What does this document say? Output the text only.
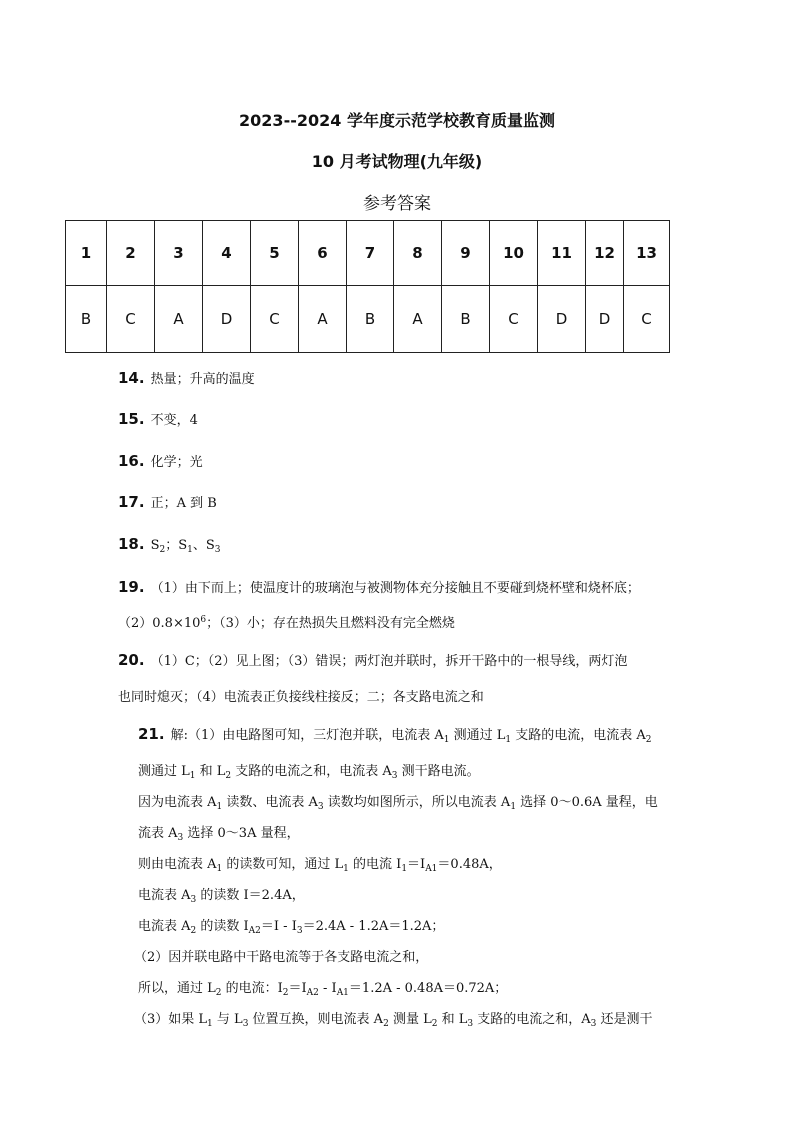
2023--2024 学年度示范学校教育质量监测
10 月考试物理(九年级)
参考答案
1	2	3	4	5	6	7	8	9	10	11	12	13
B	C	A	D	C	A	B	A	B	C	D	D	C
14. 热量；升高的温度
15. 不变，4
16. 化学；光
17. 正；A 到 B
18. $S_2$；$S_1$、$S_3$
19. （1）由下而上；使温度计的玻璃泡与被测物体充分接触且不要碰到烧杯壁和烧杯底；
$(2)0.8\times 10^6$；（3）小；存在热损失且燃料没有完全燃烧
20. （1）C；（2）见上图；（3）错误；两灯泡并联时，拆开干路中的一根导线，两灯泡
也同时熄灭；（4）电流表正负接线柱接反；二；各支路电流之和
21. 解:（1）由电路图可知，三灯泡并联，电流表 $A_1$ 测通过 $L_1$ 支路的电流，电流表 $A_2$
测通过 $L_1$ 和 $L_2$ 支路的电流之和，电流表 $A_3$ 测干路电流。
因为电流表 $A_1$ 读数、电流表 $A_3$ 读数均如图所示，所以电流表 $A_1$ 选择 0～0.6A 量程，电
流表 $A_3$ 选择 0～3A 量程，
则由电流表 $A_1$ 的读数可知，通过 $L_1$ 的电流 $I_1=I_{A1}=0.48A$，
电流表 $A_3$ 的读数 I＝2.4A，
电流表 $A_2$ 的读数 $I_{A2}=I - I_3=2.4A - 1.2A=1.2A$；
（2）因并联电路中干路电流等于各支路电流之和，
所以，通过 $L_2$ 的电流：$I_2=I_{A2} - I_{A1}=1.2A - 0.48A=0.72A$；
（3）如果 $L_1$ 与 $L_3$ 位置互换，则电流表 $A_2$ 测量 $L_2$ 和 $L_3$ 支路的电流之和，$A_3$ 还是测干
